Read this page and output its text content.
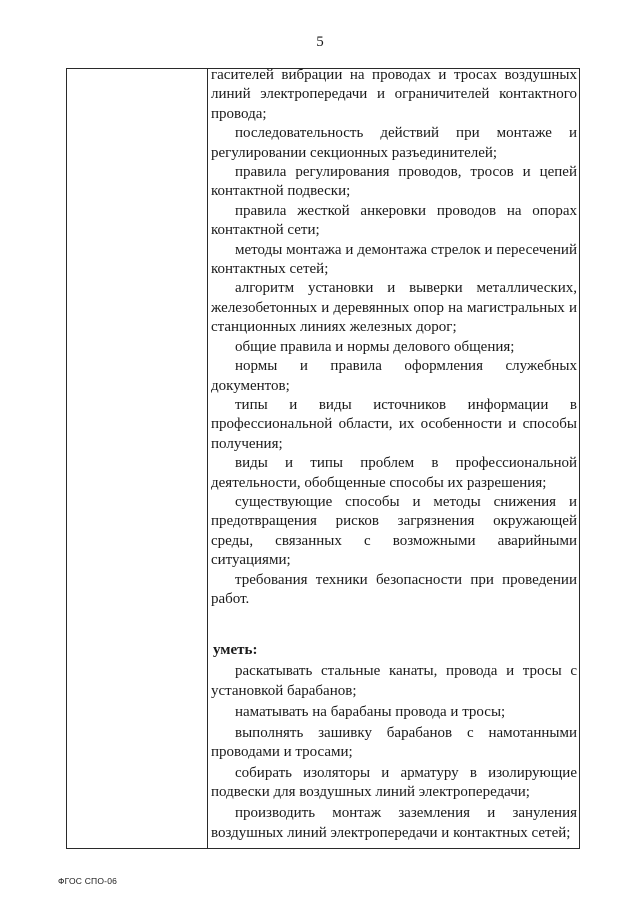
5

гасителей вибрации на проводах и тросах воздушных линий электропередачи и ограничителей контактного провода;

последовательность действий при монтаже и регулировании секционных разъединителей;

правила регулирования проводов, тросов и цепей контактной подвески;

правила жесткой анкеровки проводов на опорах контактной сети;

методы монтажа и демонтажа стрелок и пересечений контактных сетей;

алгоритм установки и выверки металлических, железобетонных и деревянных опор на магистральных и станционных линиях железных дорог;

общие правила и нормы делового общения;

нормы и правила оформления служебных документов;

типы и виды источников информации в профессиональной области, их особенности и способы получения;

виды и типы проблем в профессиональной деятельности, обобщенные способы их разрешения;

существующие способы и методы снижения и предотвращения рисков загрязнения окружающей среды, связанных с возможными аварийными ситуациями;

требования техники безопасности при проведении работ.

уметь:

раскатывать стальные канаты, провода и тросы с установкой барабанов;

наматывать на барабаны провода и тросы;

выполнять зашивку барабанов с намотанными проводами и тросами;

собирать изоляторы и арматуру в изолирующие подвески для воздушных линий электропередачи;

производить монтаж заземления и зануления воздушных линий электропередачи и контактных сетей;

ФГОС СПО-06
